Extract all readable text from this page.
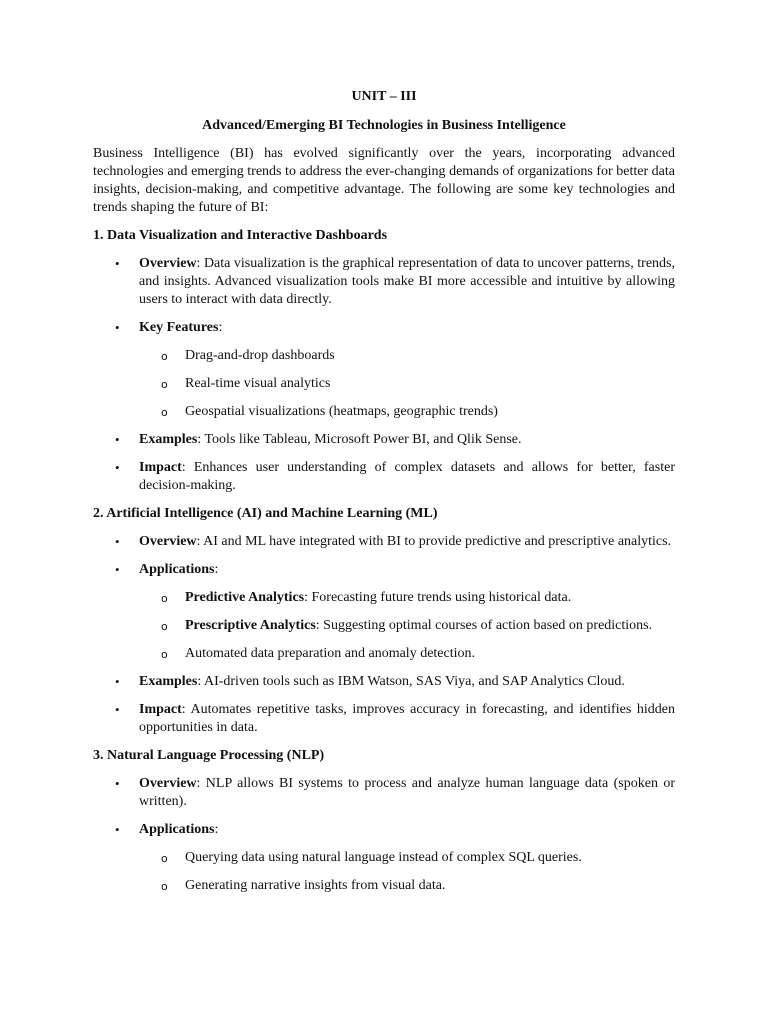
UNIT – III
Advanced/Emerging BI Technologies in Business Intelligence

Business Intelligence (BI) has evolved significantly over the years, incorporating advanced technologies and emerging trends to address the ever-changing demands of organizations for better data insights, decision-making, and competitive advantage. The following are some key technologies and trends shaping the future of BI:

1. Data Visualization and Interactive Dashboards
• Overview: Data visualization is the graphical representation of data to uncover patterns, trends, and insights. Advanced visualization tools make BI more accessible and intuitive by allowing users to interact with data directly.
• Key Features:
o Drag-and-drop dashboards
o Real-time visual analytics
o Geospatial visualizations (heatmaps, geographic trends)
• Examples: Tools like Tableau, Microsoft Power BI, and Qlik Sense.
• Impact: Enhances user understanding of complex datasets and allows for better, faster decision-making.
2. Artificial Intelligence (AI) and Machine Learning (ML)
• Overview: AI and ML have integrated with BI to provide predictive and prescriptive analytics.
• Applications:
o Predictive Analytics: Forecasting future trends using historical data.
o Prescriptive Analytics: Suggesting optimal courses of action based on predictions.
o Automated data preparation and anomaly detection.
• Examples: AI-driven tools such as IBM Watson, SAS Viya, and SAP Analytics Cloud.
• Impact: Automates repetitive tasks, improves accuracy in forecasting, and identifies hidden opportunities in data.
3. Natural Language Processing (NLP)
• Overview: NLP allows BI systems to process and analyze human language data (spoken or written).
• Applications:
o Querying data using natural language instead of complex SQL queries.
o Generating narrative insights from visual data.
